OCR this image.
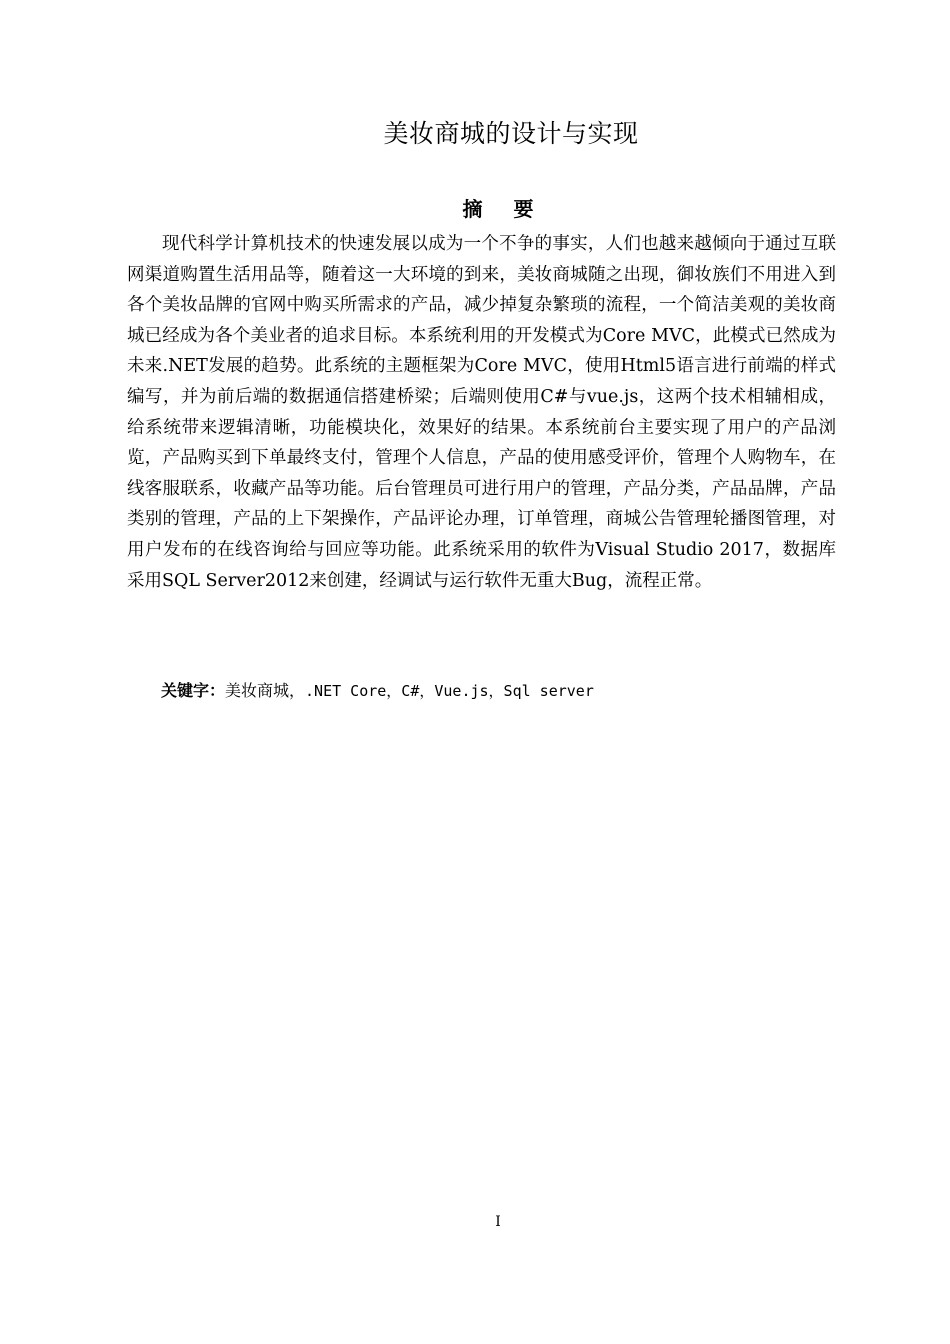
美妆商城的设计与实现
摘 要

现代科学计算机技术的快速发展以成为一个不争的事实，人们也越来越倾向于通过互联网渠道购置生活用品等，随着这一大环境的到来，美妆商城随之出现，御妆族们不用进入到各个美妆品牌的官网中购买所需求的产品，减少掉复杂繁琐的流程，一个简洁美观的美妆商城已经成为各个美业者的追求目标。本系统利用的开发模式为Core MVC，此模式已然成为未来.NET发展的趋势。此系统的主题框架为Core MVC，使用Html5语言进行前端的样式编写，并为前后端的数据通信搭建桥梁；后端则使用C#与vue.js，这两个技术相辅相成，给系统带来逻辑清晰，功能模块化，效果好的结果。本系统前台主要实现了用户的产品浏览，产品购买到下单最终支付，管理个人信息，产品的使用感受评价，管理个人购物车，在线客服联系，收藏产品等功能。后台管理员可进行用户的管理，产品分类，产品品牌，产品类别的管理，产品的上下架操作，产品评论办理，订单管理，商城公告管理轮播图管理，对用户发布的在线咨询给与回应等功能。此系统采用的软件为Visual Studio 2017，数据库采用SQL Server2012来创建，经调试与运行软件无重大Bug，流程正常。

关键字：美妆商城，.NET Core，C#，Vue.js，Sql server
I
